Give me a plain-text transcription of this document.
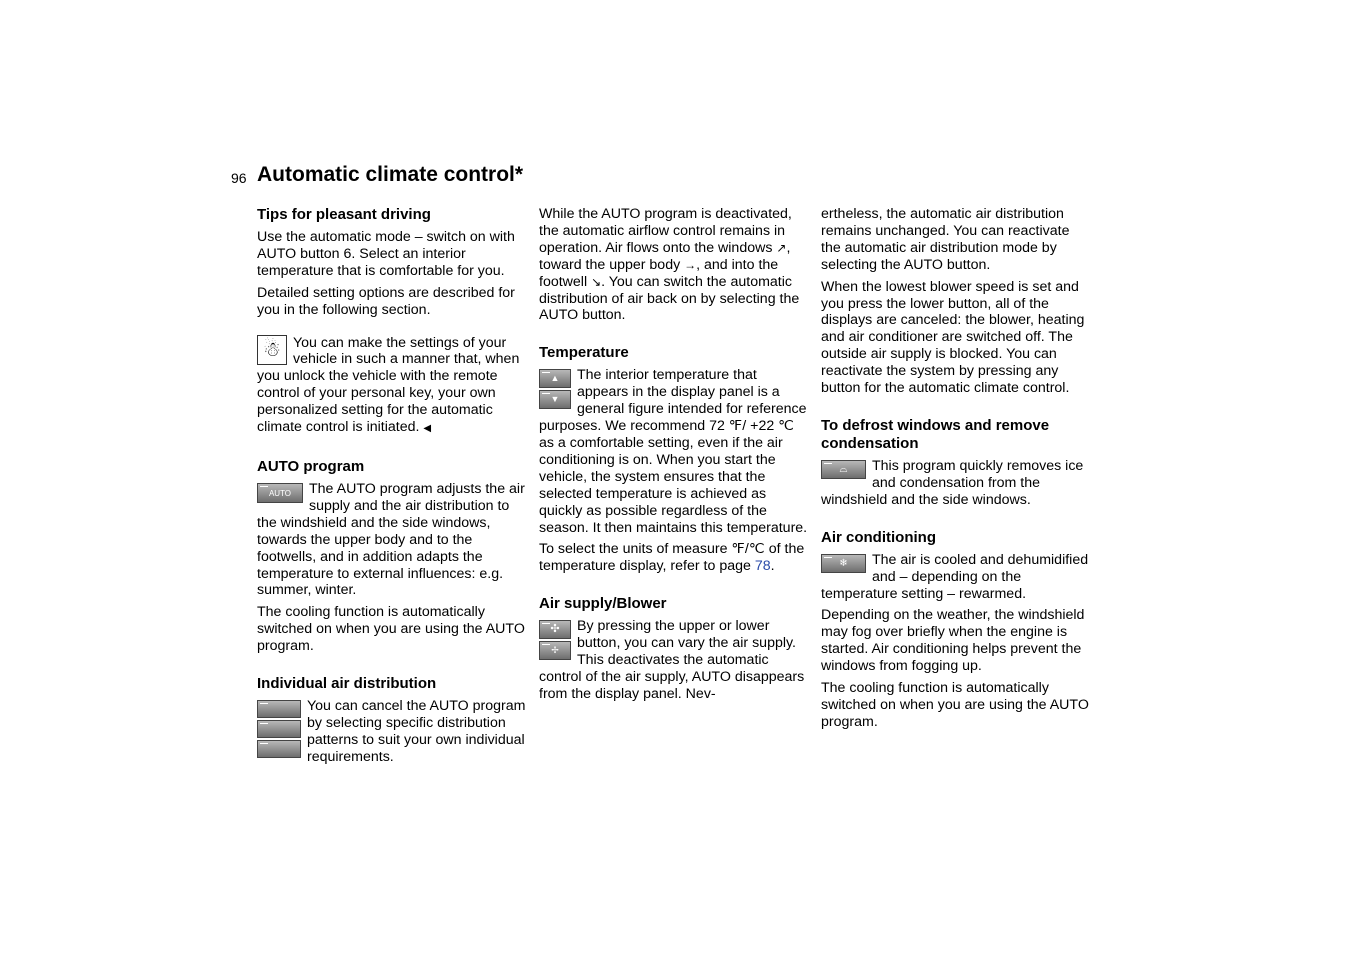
96 Automatic climate control*
Tips for pleasant driving

Use the automatic mode – switch on with AUTO button 6. Select an interior temperature that is comfortable for you.

Detailed setting options are described for you in the following section.

☃ You can make the settings of your vehicle in such a manner that, when you unlock the vehicle with the remote control of your personal key, your own personalized setting for the automatic climate control is initiated. ◀

AUTO program

AUTO	The AUTO program adjusts the air supply and the air distribution to the windshield and the side windows, towards the upper body and to the footwells, and in addition adapts the temperature to external influences: e.g. summer, winter.

The cooling function is automatically switched on when you are using the AUTO program.

Individual air distribution

You can cancel the AUTO program by selecting specific distribution patterns to suit your own individual requirements.

While the AUTO program is deactivated, the automatic airflow control remains in operation. Air flows onto the windows ↗, toward the upper body →, and into the footwell ↘. You can switch the automatic distribution of air back on by selecting the AUTO button.

Temperature

▲
▼
The interior temperature that appears in the display panel is a general figure intended for reference purposes. We recommend 72 ℉/ +22 ℃ as a comfortable setting, even if the air conditioning is on. When you start the vehicle, the system ensures that the selected temperature is achieved as quickly as possible regardless of the season. It then maintains this temperature.

To select the units of measure ℉/℃ of the temperature display, refer to page 78.

Air supply/Blower

✣
✢
By pressing the upper or lower button, you can vary the air supply. This deactivates the automatic control of the air supply, AUTO disappears from the display panel. Nev-

ertheless, the automatic air distribution remains unchanged. You can reactivate the automatic air distribution mode by selecting the AUTO button.

When the lowest blower speed is set and you press the lower button, all of the displays are canceled: the blower, heating and air conditioner are switched off. The outside air supply is blocked. You can reactivate the system by pressing any button for the automatic climate control.

To defrost windows and remove condensation

⌓	This program quickly removes ice and condensation from the windshield and the side windows.

Air conditioning

❄	The air is cooled and dehumidified and – depending on the temperature setting – rewarmed.

Depending on the weather, the windshield may fog over briefly when the engine is started. Air conditioning helps prevent the windows from fogging up.

The cooling function is automatically switched on when you are using the AUTO program.
